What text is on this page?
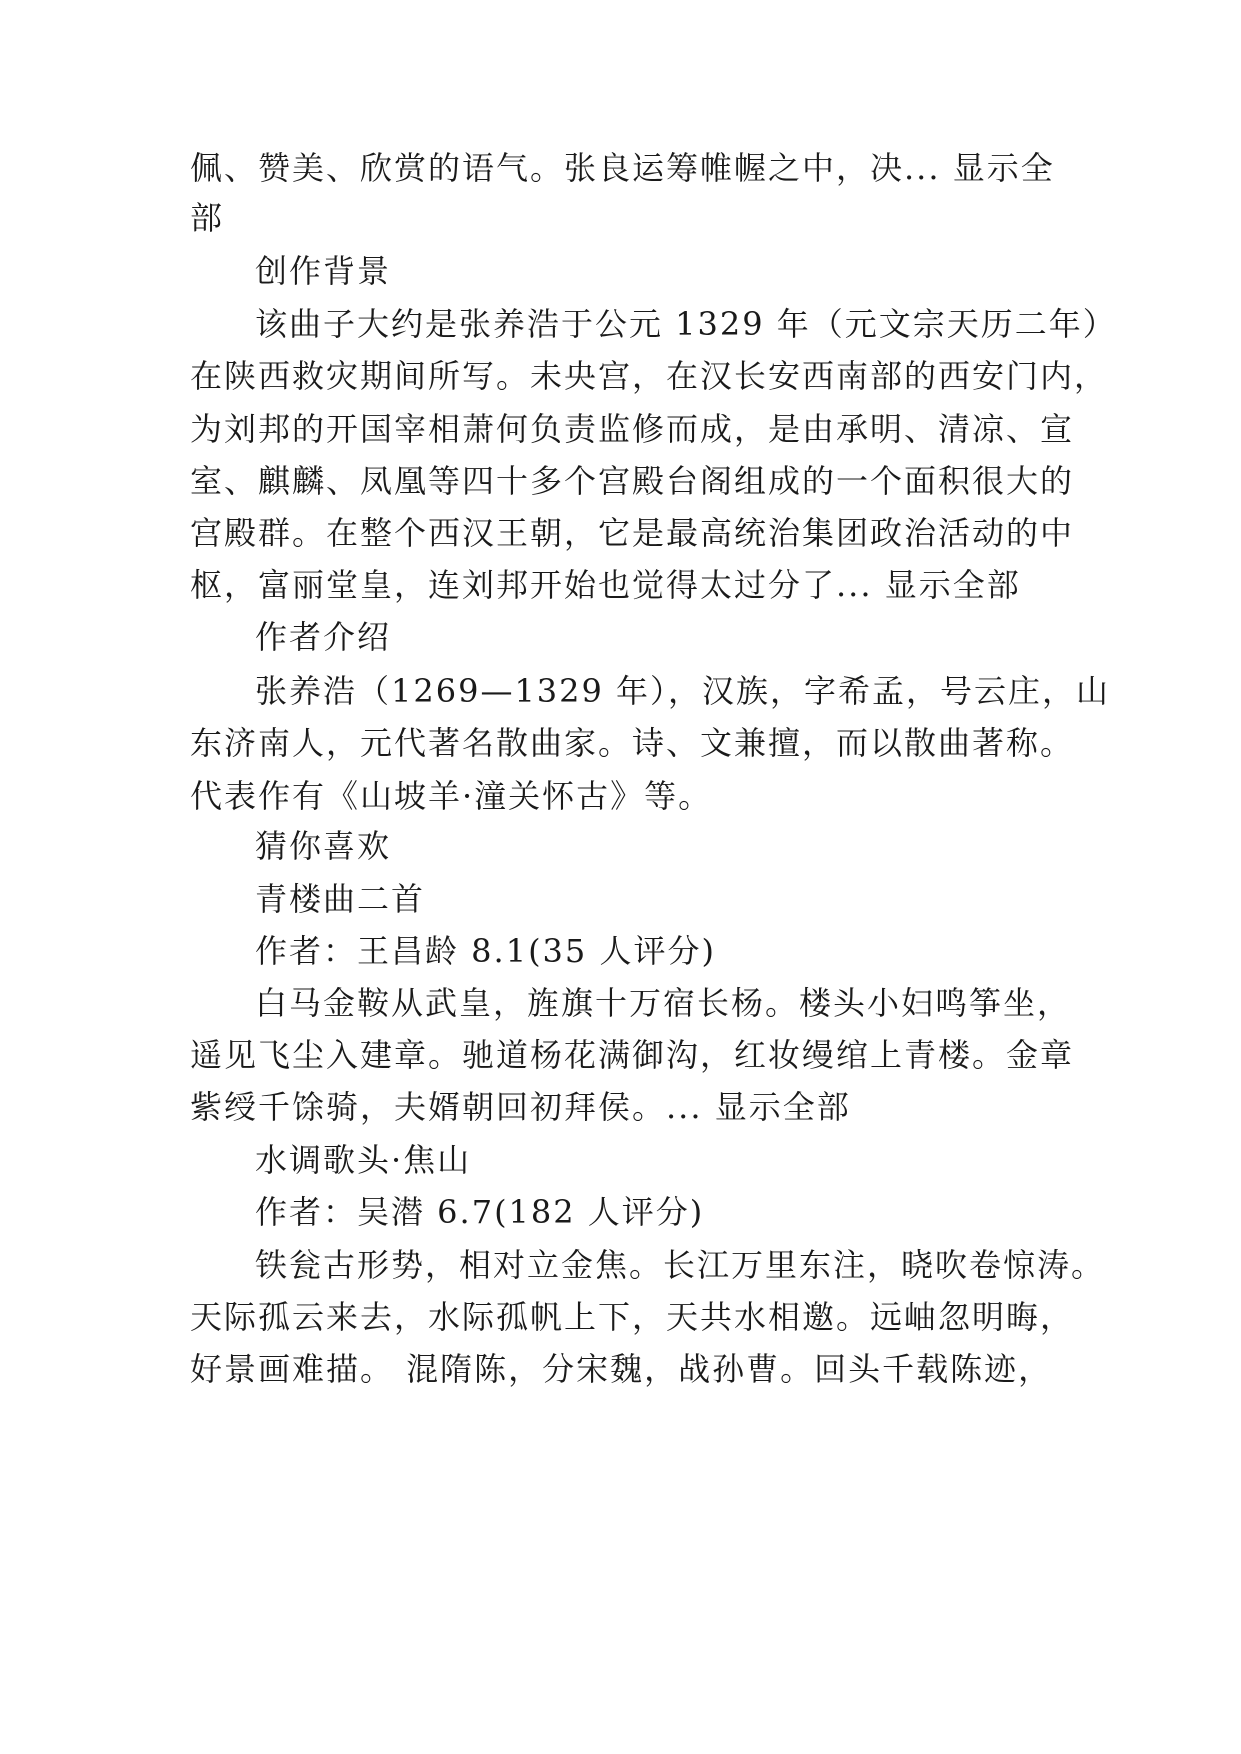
佩、赞美、欣赏的语气。张良运筹帷幄之中，决... 显示全
部
创作背景
该曲子大约是张养浩于公元 1329 年（元文宗天历二年）
在陕西救灾期间所写。未央宫，在汉长安西南部的西安门内，
为刘邦的开国宰相萧何负责监修而成，是由承明、清凉、宣
室、麒麟、凤凰等四十多个宫殿台阁组成的一个面积很大的
宫殿群。在整个西汉王朝，它是最高统治集团政治活动的中
枢，富丽堂皇，连刘邦开始也觉得太过分了... 显示全部
作者介绍
张养浩（1269—1329 年），汉族，字希孟，号云庄，山
东济南人，元代著名散曲家。诗、文兼擅，而以散曲著称。
代表作有《山坡羊·潼关怀古》等。
猜你喜欢
青楼曲二首
作者：王昌龄 8.1(35 人评分)
白马金鞍从武皇，旌旗十万宿长杨。楼头小妇鸣筝坐，
遥见飞尘入建章。驰道杨花满御沟，红妆缦绾上青楼。金章
紫绶千馀骑，夫婿朝回初拜侯。... 显示全部
水调歌头·焦山
作者：吴潜 6.7(182 人评分)
铁瓮古形势，相对立金焦。长江万里东注，晓吹卷惊涛。
天际孤云来去，水际孤帆上下，天共水相邀。远岫忽明晦，
好景画难描。 混隋陈，分宋魏，战孙曹。回头千载陈迹，
